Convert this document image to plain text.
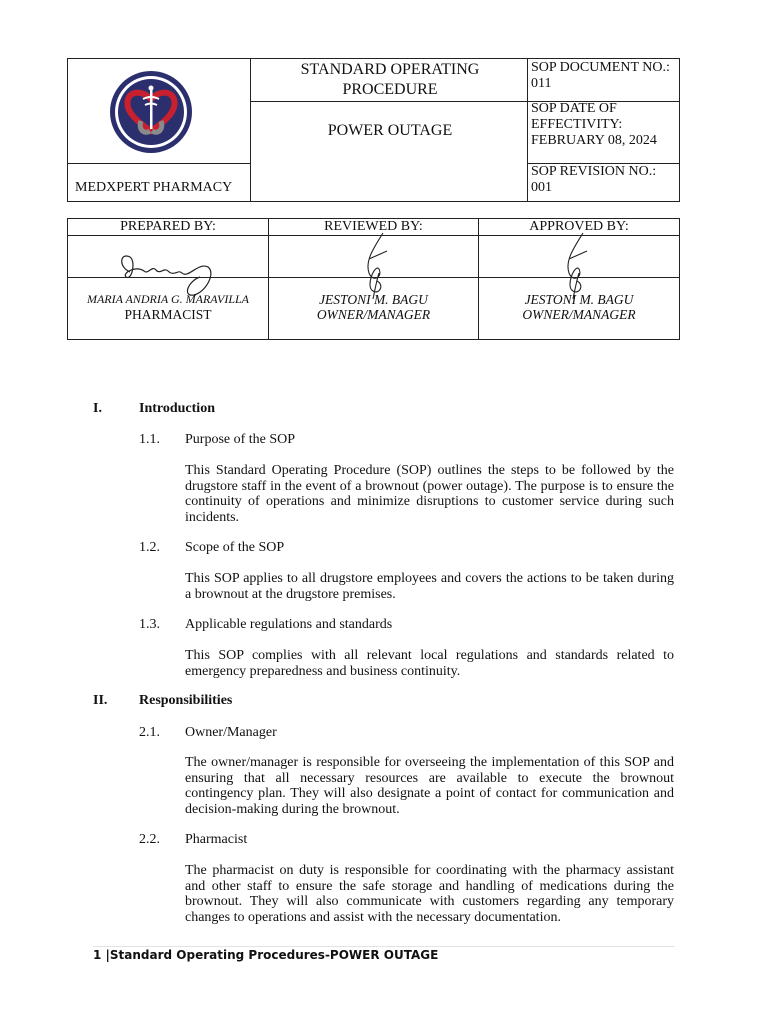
STANDARD OPERATING PROCEDURE
POWER OUTAGE
MEDXPERT PHARMACY
SOP DOCUMENT NO.:
011
SOP DATE OF EFFECTIVITY:
FEBRUARY 08, 2024
SOP REVISION NO.:
001
PREPARED BY:	REVIEWED BY:	APPROVED BY:
MARIA ANDRIA G. MARAVILLA
PHARMACIST
JESTONI M. BAGU
OWNER/MANAGER
JESTONI M. BAGU
OWNER/MANAGER
I.	Introduction
1.1. Purpose of the SOP
This Standard Operating Procedure (SOP) outlines the steps to be followed by the drugstore staff in the event of a brownout (power outage). The purpose is to ensure the continuity of operations and minimize disruptions to customer service during such incidents.
1.2. Scope of the SOP
This SOP applies to all drugstore employees and covers the actions to be taken during a brownout at the drugstore premises.
1.3. Applicable regulations and standards
This SOP complies with all relevant local regulations and standards related to emergency preparedness and business continuity.
II. Responsibilities
2.1. Owner/Manager
The owner/manager is responsible for overseeing the implementation of this SOP and ensuring that all necessary resources are available to execute the brownout contingency plan. They will also designate a point of contact for communication and decision-making during the brownout.
2.2. Pharmacist
The pharmacist on duty is responsible for coordinating with the pharmacy assistant and other staff to ensure the safe storage and handling of medications during the brownout. They will also communicate with customers regarding any temporary changes to operations and assist with the necessary documentation.
1 |Standard Operating Procedures-POWER OUTAGE
